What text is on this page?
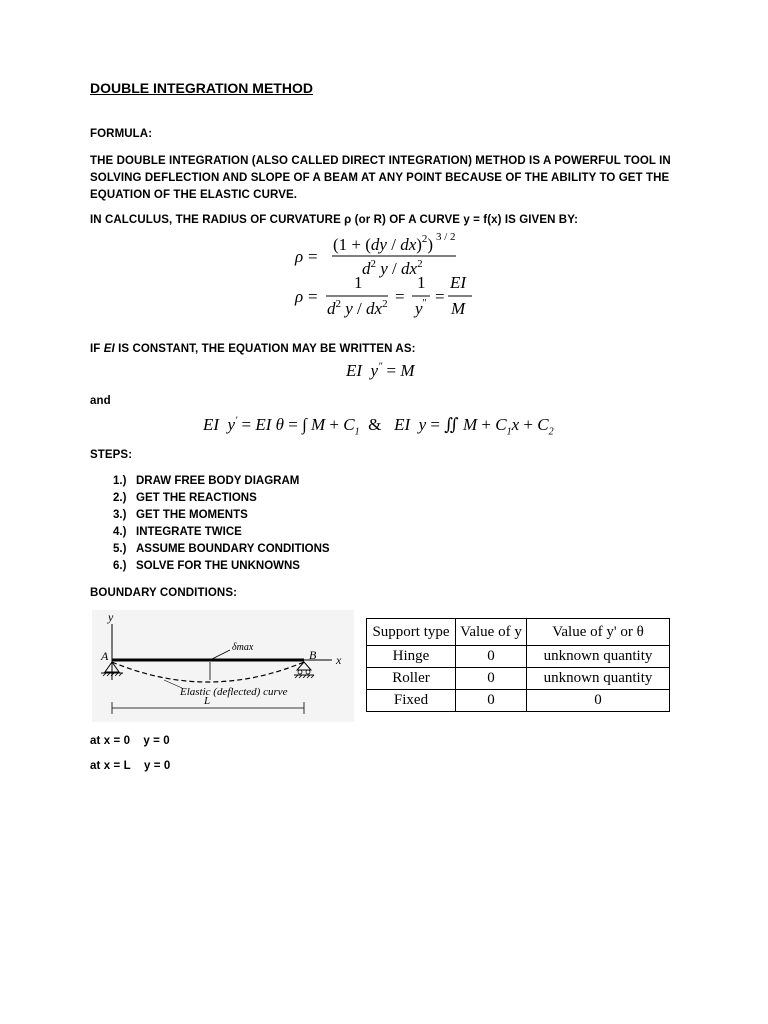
DOUBLE INTEGRATION METHOD
FORMULA:
THE DOUBLE INTEGRATION (ALSO CALLED DIRECT INTEGRATION) METHOD IS A POWERFUL TOOL IN
SOLVING DEFLECTION AND SLOPE OF A BEAM AT ANY POINT BECAUSE OF THE ABILITY TO GET THE
EQUATION OF THE ELASTIC CURVE.
IN CALCULUS, THE RADIUS OF CURVATURE ρ (or R) OF A CURVE y = f(x) IS GIVEN BY:
ρ =
(1 + (dy / dx)$^2$) 3 / 2
$d^2$ y / $dx^2$
ρ =
1
$d^2$ y / $dx^2$ =
1
y" =
EI
M
IF EI IS CONSTANT, THE EQUATION MAY BE WRITTEN AS:
EI  y" = M
and
EI  y' = EI θ = ∫ $M + C_1$ &   EI  y = ∬ $M + C_1x + C_2$
STEPS:
1.) DRAW FREE BODY DIAGRAM
2.) GET THE REACTIONS
3.) GET THE MOMENTS
4.) INTEGRATE TWICE
5.) ASSUME BOUNDARY CONDITIONS
6.) SOLVE FOR THE UNKNOWNS
BOUNDARY CONDITIONS:
y
x
A	B
δmax
Elastic (deflected) curve
L
Support type	Value of y	Value of y' or θ
Hinge	0	unknown quantity
Roller	0	unknown quantity
Fixed	0	0
at x = 0 y = 0
at x = L y = 0
